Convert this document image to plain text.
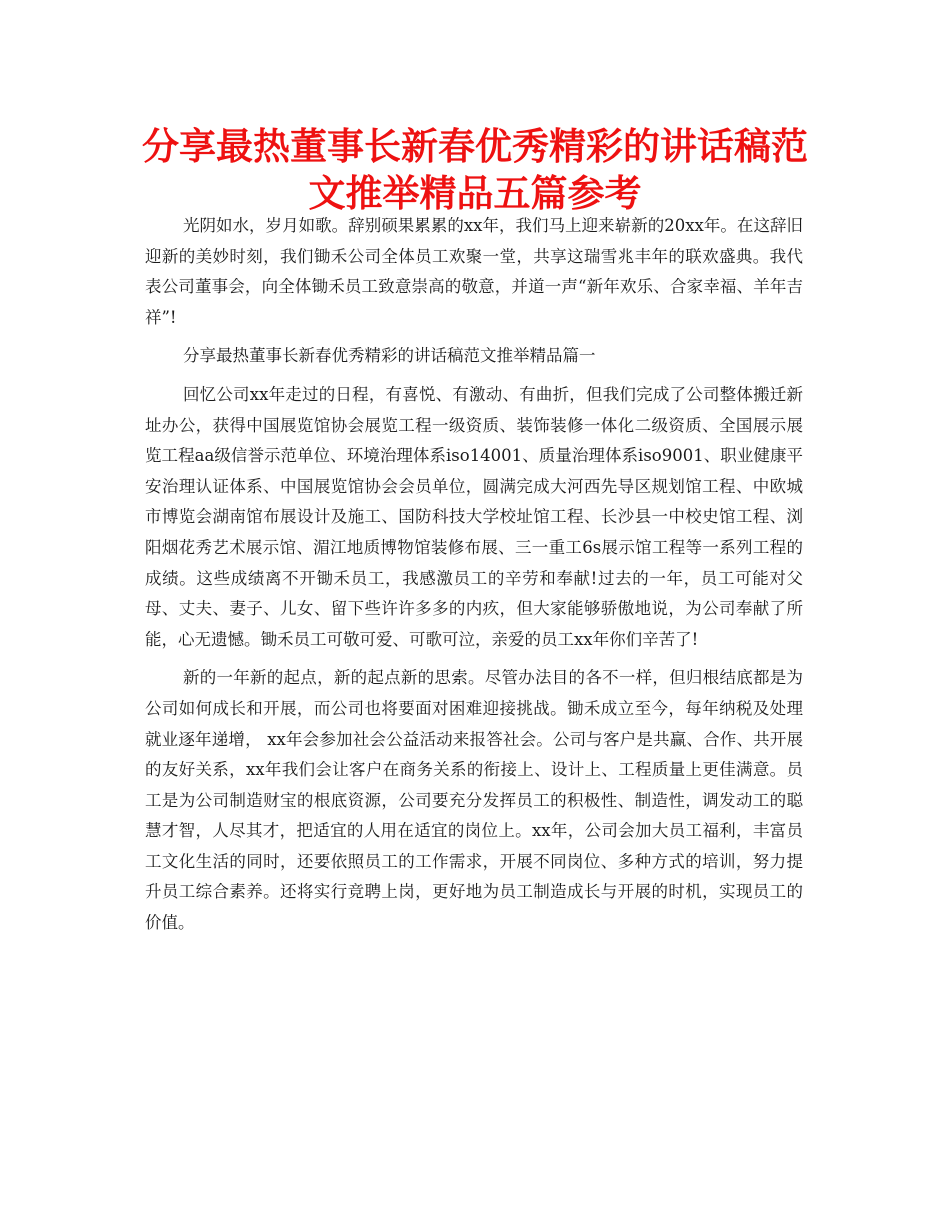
分享最热董事长新春优秀精彩的讲话稿范
文推举精品五篇参考

光阴如水，岁月如歌。辞别硕果累累的xx年，我们马上迎来崭新的20xx年。在这辞旧迎新的美妙时刻，我们锄禾公司全体员工欢聚一堂，共享这瑞雪兆丰年的联欢盛典。我代表公司董事会，向全体锄禾员工致意崇高的敬意，并道一声“新年欢乐、合家幸福、羊年吉祥”!

分享最热董事长新春优秀精彩的讲话稿范文推举精品篇一

回忆公司xx年走过的日程，有喜悦、有激动、有曲折，但我们完成了公司整体搬迁新址办公，获得中国展览馆协会展览工程一级资质、装饰装修一体化二级资质、全国展示展览工程aa级信誉示范单位、环境治理体系iso14001、质量治理体系iso9001、职业健康平安治理认证体系、中国展览馆协会会员单位，圆满完成大河西先导区规划馆工程、中欧城市博览会湖南馆布展设计及施工、国防科技大学校址馆工程、长沙县一中校史馆工程、浏阳烟花秀艺术展示馆、湄江地质博物馆装修布展、三一重工6s展示馆工程等一系列工程的成绩。这些成绩离不开锄禾员工，我感激员工的辛劳和奉献!过去的一年，员工可能对父母、丈夫、妻子、儿女、留下些许许多多的内疚，但大家能够骄傲地说，为公司奉献了所能，心无遗憾。锄禾员工可敬可爱、可歌可泣，亲爱的员工xx年你们辛苦了!

新的一年新的起点，新的起点新的思索。尽管办法目的各不一样，但归根结底都是为公司如何成长和开展，而公司也将要面对困难迎接挑战。锄禾成立至今，每年纳税及处理就业逐年递增， xx年会参加社会公益活动来报答社会。公司与客户是共赢、合作、共开展的友好关系，xx年我们会让客户在商务关系的衔接上、设计上、工程质量上更佳满意。员工是为公司制造财宝的根底资源，公司要充分发挥员工的积极性、制造性，调发动工的聪慧才智，人尽其才，把适宜的人用在适宜的岗位上。xx年，公司会加大员工福利，丰富员工文化生活的同时，还要依照员工的工作需求，开展不同岗位、多种方式的培训，努力提升员工综合素养。还将实行竞聘上岗，更好地为员工制造成长与开展的时机，实现员工的价值。
